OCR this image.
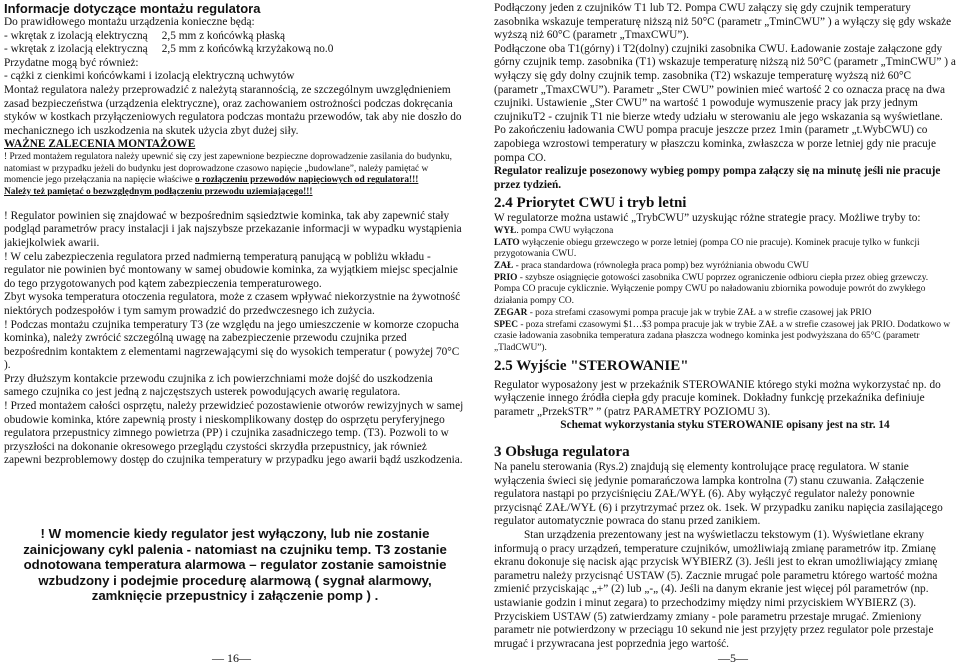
Informacje dotyczące montażu regulatora

Do prawidłowego montażu urządzenia konieczne będą:

- wkrętak z izolacją elektryczną     2,5 mm z końcówką płaską

- wkrętak z izolacją elektryczną     2,5 mm z końcówką krzyżakową no.0

Przydatne mogą być również:

- cążki z cienkimi końcówkami i izolacją elektryczną uchwytów

Montaż regulatora należy przeprowadzić z należytą starannością, ze szczególnym uwzględnieniem zasad bezpieczeństwa (urządzenia elektryczne), oraz zachowaniem ostrożności podczas dokręcania styków w kostkach przyłączeniowych regulatora podczas montażu przewodów, tak aby nie doszło do mechanicznego ich uszkodzenia na skutek użycia zbyt dużej siły.

WAŻNE ZALECENIA MONTAŻOWE

! Przed montażem regulatora należy upewnić się czy jest zapewnione bezpieczne doprowadzenie zasilania do budynku, natomiast w przypadku jeżeli do budynku jest doprowadzone czasowo napięcie „budowlane”, należy pamiętać w momencie jego przełączania na napięcie właściwe o rozłączeniu przewodów napięciowych od regulatora!!!

Należy też pamiętać o bezwzględnym podłączeniu przewodu uziemiającego!!!

! Regulator powinien się znajdować w bezpośrednim sąsiedztwie kominka, tak aby zapewnić stały podgląd parametrów pracy instalacji i jak najszybsze przekazanie informacji w wypadku wystąpienia jakiejkolwiek awarii.

! W celu zabezpieczenia regulatora przed nadmierną temperaturą panującą w pobliżu wkładu - regulator nie powinien być montowany w samej obudowie kominka, za wyjątkiem miejsc specjalnie do tego przygotowanych pod kątem zabezpieczenia temperaturowego.

Zbyt wysoka temperatura otoczenia regulatora, może z czasem wpływać niekorzystnie na żywotność niektórych podzespołów i tym samym prowadzić do przedwczesnego ich zużycia.

! Podczas montażu czujnika temperatury T3 (ze względu na jego umieszczenie w komorze czopucha kominka), należy zwrócić szczególną uwagę na zabezpieczenie przewodu czujnika przed bezpośrednim kontaktem z elementami nagrzewającymi się do wysokich temperatur ( powyżej 70°C ).

Przy dłuższym kontakcie przewodu czujnika z ich powierzchniami może dojść do uszkodzenia samego czujnika co jest jedną z najczęstszych usterek powodujących awarię regulatora.

! Przed montażem całości osprzętu, należy przewidzieć pozostawienie otworów rewizyjnych w samej obudowie kominka, które zapewnią prosty i nieskomplikowany dostęp do osprzętu peryferyjnego regulatora przepustnicy zimnego powietrza (PP) i czujnika zasadniczego temp. (T3). Pozwoli to w przyszłości na dokonanie okresowego przeglądu czystości skrzydła przepustnicy, jak również zapewni bezproblemowy dostęp do czujnika temperatury w przypadku jego awarii bądź uszkodzenia.

! W momencie kiedy regulator jest wyłączony, lub nie zostanie zainicjowany cykl palenia - natomiast na czujniku temp. T3 zostanie odnotowana temperatura alarmowa – regulator zostanie samoistnie wzbudzony i podejmie procedurę alarmową ( sygnał alarmowy, zamknięcie przepustnicy i załączenie pomp ) .

Podłączony jeden z czujników T1 lub T2. Pompa CWU załączy się gdy czujnik temperatury zasobnika wskazuje temperaturę niższą niż 50°C (parametr „TminCWU” ) a wyłączy się gdy wskaże wyższą niż 60°C (parametr „TmaxCWU”).

Podłączone oba T1(górny) i T2(dolny) czujniki zasobnika CWU. Ładowanie zostaje załączone gdy górny czujnik temp. zasobnika (T1) wskazuje temperaturę niższą niż 50°C (parametr „TminCWU” ) a wyłączy się gdy dolny czujnik temp. zasobnika (T2) wskazuje temperaturę wyższą niż 60°C (parametr „TmaxCWU”). Parametr „Ster CWU” powinien mieć wartość 2 co oznacza pracę na dwa czujniki. Ustawienie „Ster CWU” na wartość 1 powoduje wymuszenie pracy jak przy jednym czujnikuT2 - czujnik T1 nie bierze wtedy udziału w sterowaniu ale jego wskazania są wyświetlane.

Po zakończeniu ładowania CWU pompa pracuje jeszcze przez 1min (parametr „t.WybCWU) co zapobiega wzrostowi temperatury w płaszczu kominka, zwłaszcza w porze letniej gdy nie pracuje pompa CO.

Regulator realizuje posezonowy wybieg pompy pompa załączy się na minutę jeśli nie pracuje przez tydzień.

2.4 Priorytet CWU i tryb letni

W regulatorze można ustawić „TrybCWU” uzyskując różne strategie pracy. Możliwe tryby to:

WYŁ. pompa CWU wyłączona

LATO wyłączenie obiegu grzewczego w porze letniej (pompa CO nie pracuje). Kominek pracuje tylko w funkcji przygotowania CWU.

ZAŁ - praca standardowa (równoległa praca pomp) bez wyróżniania obwodu CWU

PRIO - szybsze osiągnięcie gotowości zasobnika CWU poprzez ograniczenie odbioru ciepła przez obieg grzewczy. Pompa CO pracuje cyklicznie. Wyłączenie pompy CWU po naładowaniu zbiornika powoduje powrót do zwykłego działania pompy CO.

ZEGAR - poza strefami czasowymi pompa pracuje jak w trybie ZAŁ a w strefie czasowej jak PRIO

SPEC - poza strefami czasowymi $1…$3 pompa pracuje jak w trybie ZAŁ a w strefie czasowej jak PRIO. Dodatkowo w czasie ładowania zasobnika temperatura zadana płaszcza wodnego kominka jest podwyższana do 65°C (parametr „TladCWU”).

2.5 Wyjście "STEROWANIE"

Regulator wyposażony jest w przekaźnik STEROWANIE którego styki można wykorzystać np. do wyłączenie innego źródła ciepła gdy pracuje kominek. Dokładny funkcję przekaźnika definiuje parametr „PrzekSTR” ” (patrz PARAMETRY POZIOMU 3).

Schemat wykorzystania styku STEROWANIE opisany jest na str. 14

3 Obsługa regulatora

Na panelu sterowania (Rys.2) znajdują się elementy kontrolujące pracę regulatora. W stanie wyłączenia świeci się jedynie pomarańczowa lampka kontrolna (7) stanu czuwania. Załączenie regulatora nastąpi po przyciśnięciu ZAŁ/WYŁ (6). Aby wyłączyć regulator należy ponownie przycisnąć ZAŁ/WYŁ (6) i przytrzymać przez ok. 1sek. W przypadku zaniku napięcia zasilającego regulator automatycznie powraca do stanu przed zanikiem.

Stan urządzenia prezentowany jest na wyświetlaczu tekstowym (1). Wyświetlane ekrany informują o pracy urządzeń, temperature czujników, umożliwiają zmianę parametrów itp. Zmianę ekranu dokonuje się nacisk ając przycisk WYBIERZ (3). Jeśli jest to ekran umożliwiający zmianę parametru należy przycisnąć USTAW (5). Zacznie mrugać pole parametru którego wartość można zmienić przyciskając „+” (2) lub „-„ (4). Jeśli na danym ekranie jest więcej pól parametrów (np. ustawianie godzin i minut zegara) to przechodzimy między nimi przyciskiem WYBIERZ (3). Przyciskiem USTAW (5) zatwierdzamy zmiany - pole parametru przestaje mrugać. Zmieniony parametr nie potwierdzony w przeciągu 10 sekund nie jest przyjęty przez regulator pole przestaje mrugać i przywracana jest poprzednia jego wartość.

— 16—	—5—
